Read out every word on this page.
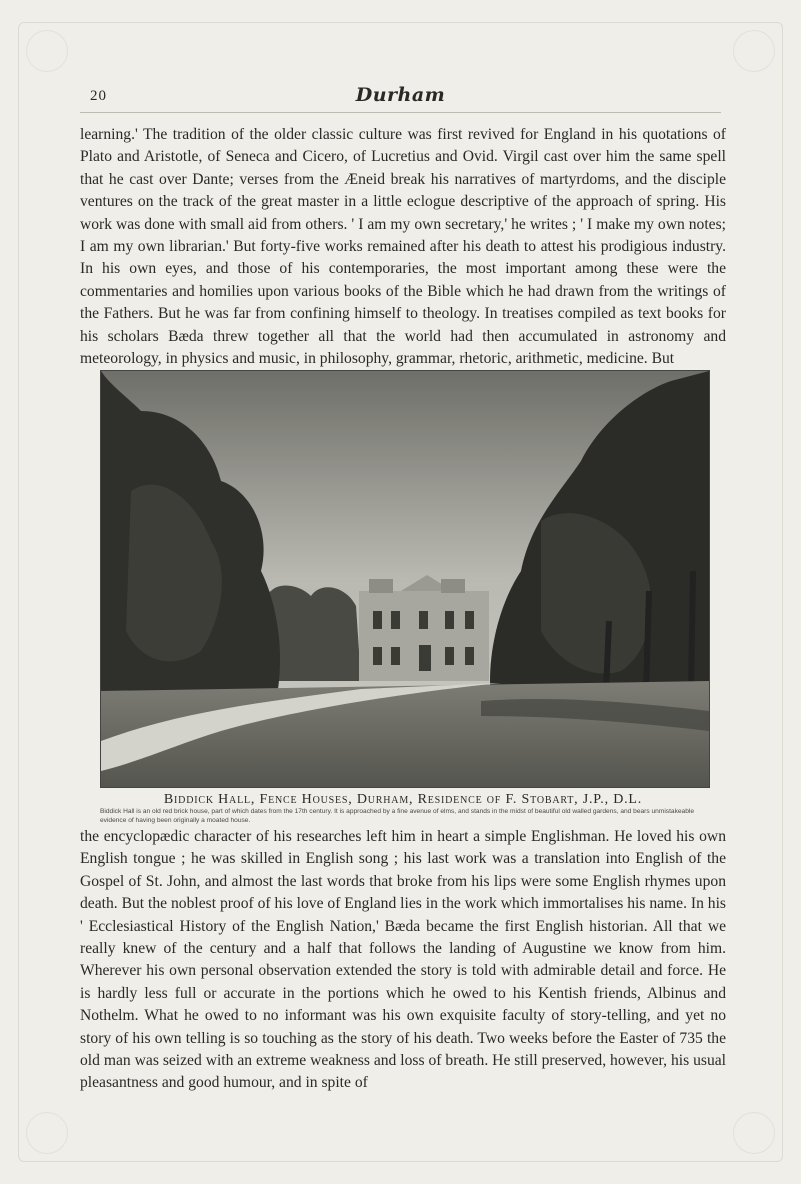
20	Durham

learning.' The tradition of the older classic culture was first revived for England in his quotations of Plato and Aristotle, of Seneca and Cicero, of Lucretius and Ovid. Virgil cast over him the same spell that he cast over Dante; verses from the Æneid break his narratives of martyrdoms, and the disciple ventures on the track of the great master in a little eclogue descriptive of the approach of spring. His work was done with small aid from others. ' I am my own secretary,' he writes ; ' I make my own notes; I am my own librarian.' But forty-five works remained after his death to attest his prodigious industry. In his own eyes, and those of his contemporaries, the most important among these were the commentaries and homilies upon various books of the Bible which he had drawn from the writings of the Fathers. But he was far from confining himself to theology. In treatises compiled as text books for his scholars Bæda threw together all that the world had then accumulated in astronomy and meteorology, in physics and music, in philosophy, grammar, rhetoric, arithmetic, medicine. But

Biddick Hall, Fence Houses, Durham, Residence of F. Stobart, J.P., D.L.
Biddick Hall is an old red brick house, part of which dates from the 17th century. It is approached by a fine avenue of elms, and stands in the midst of beautiful old walled gardens, and bears unmistakeable evidence of having been originally a moated house.

the encyclopædic character of his researches left him in heart a simple Englishman. He loved his own English tongue ; he was skilled in English song ; his last work was a translation into English of the Gospel of St. John, and almost the last words that broke from his lips were some English rhymes upon death. But the noblest proof of his love of England lies in the work which immortalises his name. In his ' Ecclesiastical History of the English Nation,' Bæda became the first English historian. All that we really knew of the century and a half that follows the landing of Augustine we know from him. Wherever his own personal observation extended the story is told with admirable detail and force. He is hardly less full or accurate in the portions which he owed to his Kentish friends, Albinus and Nothelm. What he owed to no informant was his own exquisite faculty of story-telling, and yet no story of his own telling is so touching as the story of his death. Two weeks before the Easter of 735 the old man was seized with an extreme weakness and loss of breath. He still preserved, however, his usual pleasantness and good humour, and in spite of
